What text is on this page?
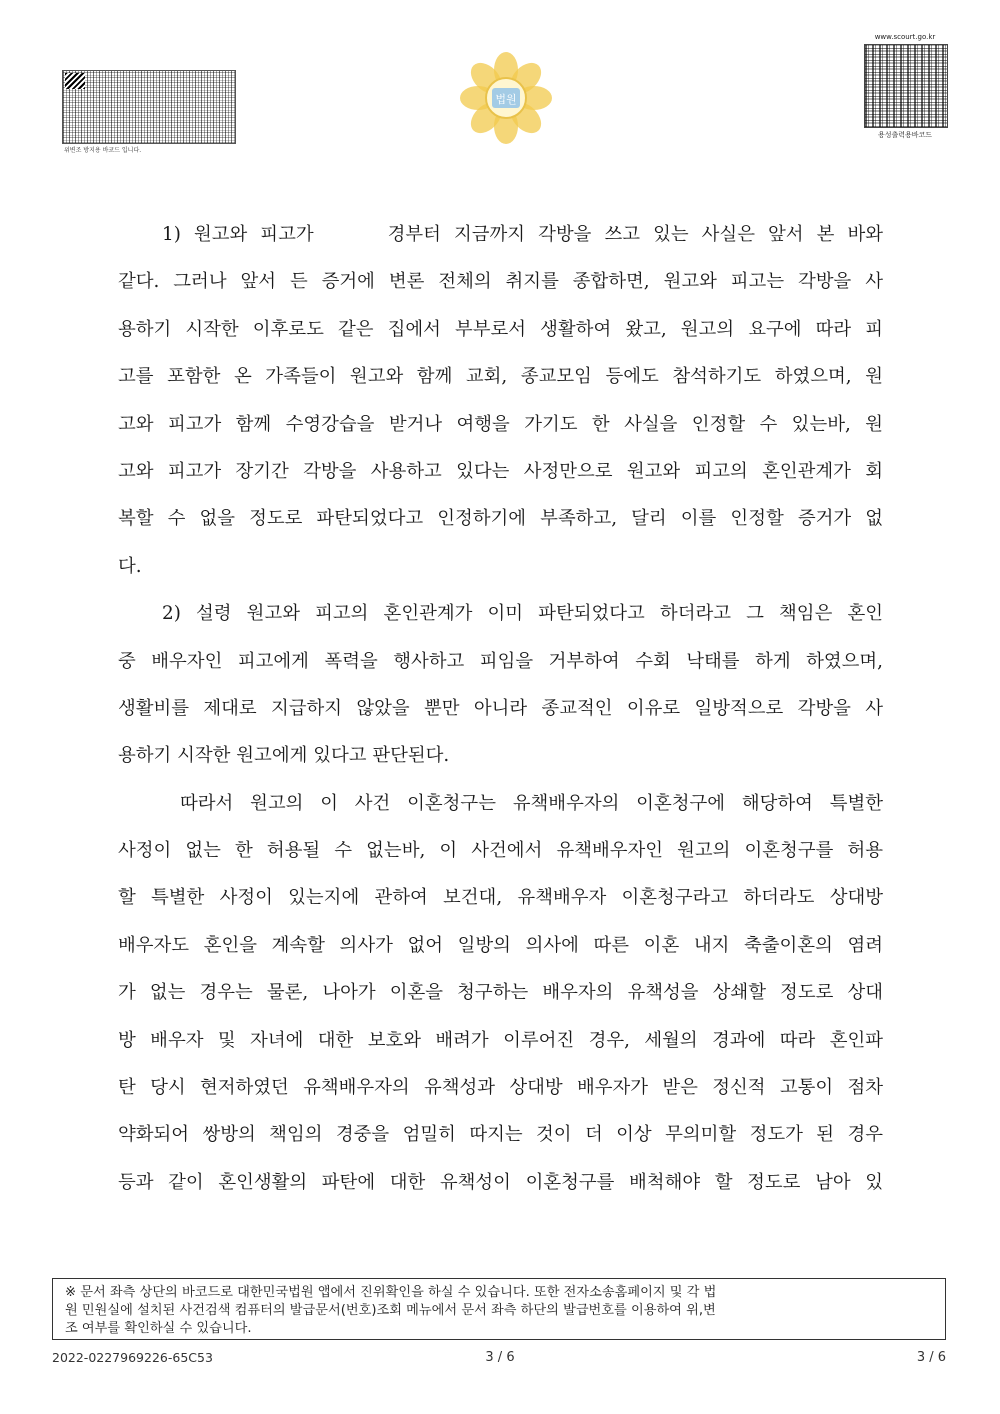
위변조 방지용 바코드 입니다.
법원
www.scourt.go.kr
용성출력용바코드
1) 원고와 피고가	경부터 지금까지 각방을 쓰고 있는 사실은 앞서 본 바와
같다. 그러나 앞서 든 증거에 변론 전체의 취지를 종합하면, 원고와 피고는 각방을 사
용하기 시작한 이후로도 같은 집에서 부부로서 생활하여 왔고, 원고의 요구에 따라 피
고를 포함한 온 가족들이 원고와 함께 교회, 종교모임 등에도 참석하기도 하였으며, 원
고와 피고가 함께 수영강습을 받거나 여행을 가기도 한 사실을 인정할 수 있는바, 원
고와 피고가 장기간 각방을 사용하고 있다는 사정만으로 원고와 피고의 혼인관계가 회
복할 수 없을 정도로 파탄되었다고 인정하기에 부족하고, 달리 이를 인정할 증거가 없
다.
2) 설령 원고와 피고의 혼인관계가 이미 파탄되었다고 하더라고 그 책임은 혼인
중 배우자인 피고에게 폭력을 행사하고 피임을 거부하여 수회 낙태를 하게 하였으며,
생활비를 제대로 지급하지 않았을 뿐만 아니라 종교적인 이유로 일방적으로 각방을 사
용하기 시작한 원고에게 있다고 판단된다.
따라서 원고의 이 사건 이혼청구는 유책배우자의 이혼청구에 해당하여 특별한
사정이 없는 한 허용될 수 없는바, 이 사건에서 유책배우자인 원고의 이혼청구를 허용
할 특별한 사정이 있는지에 관하여 보건대, 유책배우자 이혼청구라고 하더라도 상대방
배우자도 혼인을 계속할 의사가 없어 일방의 의사에 따른 이혼 내지 축출이혼의 염려
가 없는 경우는 물론, 나아가 이혼을 청구하는 배우자의 유책성을 상쇄할 정도로 상대
방 배우자 및 자녀에 대한 보호와 배려가 이루어진 경우, 세월의 경과에 따라 혼인파
탄 당시 현저하였던 유책배우자의 유책성과 상대방 배우자가 받은 정신적 고통이 점차
약화되어 쌍방의 책임의 경중을 엄밀히 따지는 것이 더 이상 무의미할 정도가 된 경우
등과 같이 혼인생활의 파탄에 대한 유책성이 이혼청구를 배척해야 할 정도로 남아 있
※ 문서 좌측 상단의 바코드로 대한민국법원 앱에서 진위확인을 하실 수 있습니다. 또한 전자소송홈페이지 및 각 법
원 민원실에 설치된 사건검색 컴퓨터의 발급문서(번호)조회 메뉴에서 문서 좌측 하단의 발급번호를 이용하여 위,변
조 여부를 확인하실 수 있습니다.
2022-0227969226-65C53	3 / 6	3 / 6
